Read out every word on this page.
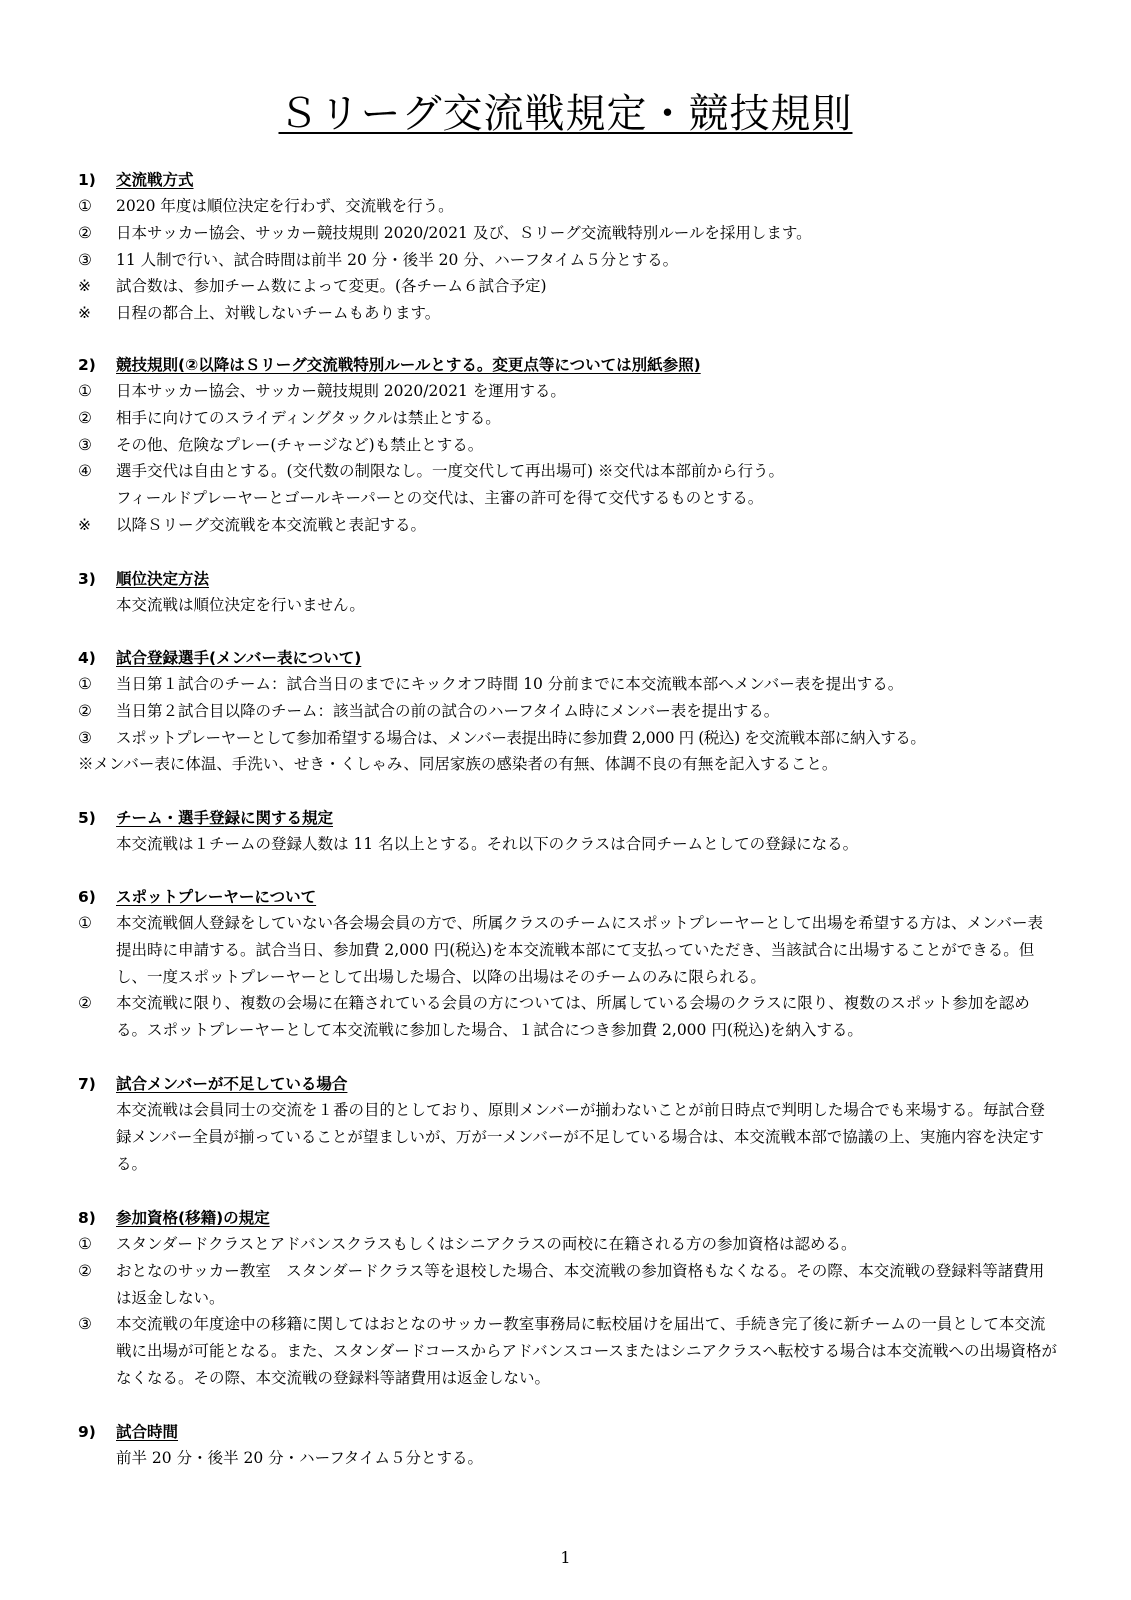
Ｓリーグ交流戦規定・競技規則
1)	交流戦方式
①	2020 年度は順位決定を行わず、交流戦を行う。
②	日本サッカー協会、サッカー競技規則 2020/2021 及び、Ｓリーグ交流戦特別ルールを採用します。
③	11 人制で行い、試合時間は前半 20 分・後半 20 分、ハーフタイム５分とする。
※	試合数は、参加チーム数によって変更。(各チーム６試合予定)
※	日程の都合上、対戦しないチームもあります。
2)	競技規則(②以降はＳリーグ交流戦特別ルールとする。変更点等については別紙参照)
①	日本サッカー協会、サッカー競技規則 2020/2021 を運用する。
②	相手に向けてのスライディングタックルは禁止とする。
③	その他、危険なプレー(チャージなど)も禁止とする。
④	選手交代は自由とする。(交代数の制限なし。一度交代して再出場可) ※交代は本部前から行う。
フィールドプレーヤーとゴールキーパーとの交代は、主審の許可を得て交代するものとする。
※	以降Ｓリーグ交流戦を本交流戦と表記する。
3)	順位決定方法
本交流戦は順位決定を行いません。
4)	試合登録選手(メンバー表について)
①	当日第１試合のチーム：試合当日のまでにキックオフ時間 10 分前までに本交流戦本部へメンバー表を提出する。
②	当日第２試合目以降のチーム：該当試合の前の試合のハーフタイム時にメンバー表を提出する。
③	スポットプレーヤーとして参加希望する場合は、メンバー表提出時に参加費 2,000 円 (税込) を交流戦本部に納入する。
※メンバー表に体温、手洗い、せき・くしゃみ、同居家族の感染者の有無、体調不良の有無を記入すること。
5)	チーム・選手登録に関する規定
本交流戦は１チームの登録人数は 11 名以上とする。それ以下のクラスは合同チームとしての登録になる。
6)	スポットプレーヤーについて
①	本交流戦個人登録をしていない各会場会員の方で、所属クラスのチームにスポットプレーヤーとして出場を希望する方は、メンバー表提出時に申請する。試合当日、参加費 2,000 円(税込)を本交流戦本部にて支払っていただき、当該試合に出場することができる。但し、一度スポットプレーヤーとして出場した場合、以降の出場はそのチームのみに限られる。
②	本交流戦に限り、複数の会場に在籍されている会員の方については、所属している会場のクラスに限り、複数のスポット参加を認める。スポットプレーヤーとして本交流戦に参加した場合、１試合につき参加費 2,000 円(税込)を納入する。
7)	試合メンバーが不足している場合
本交流戦は会員同士の交流を１番の目的としており、原則メンバーが揃わないことが前日時点で判明した場合でも来場する。毎試合登録メンバー全員が揃っていることが望ましいが、万が一メンバーが不足している場合は、本交流戦本部で協議の上、実施内容を決定する。
8)	参加資格(移籍)の規定
①	スタンダードクラスとアドバンスクラスもしくはシニアクラスの両校に在籍される方の参加資格は認める。
②	おとなのサッカー教室　スタンダードクラス等を退校した場合、本交流戦の参加資格もなくなる。その際、本交流戦の登録料等諸費用は返金しない。
③	本交流戦の年度途中の移籍に関してはおとなのサッカー教室事務局に転校届けを届出て、手続き完了後に新チームの一員として本交流戦に出場が可能となる。また、スタンダードコースからアドバンスコースまたはシニアクラスへ転校する場合は本交流戦への出場資格がなくなる。その際、本交流戦の登録料等諸費用は返金しない。
9)	試合時間
前半 20 分・後半 20 分・ハーフタイム５分とする。
1
